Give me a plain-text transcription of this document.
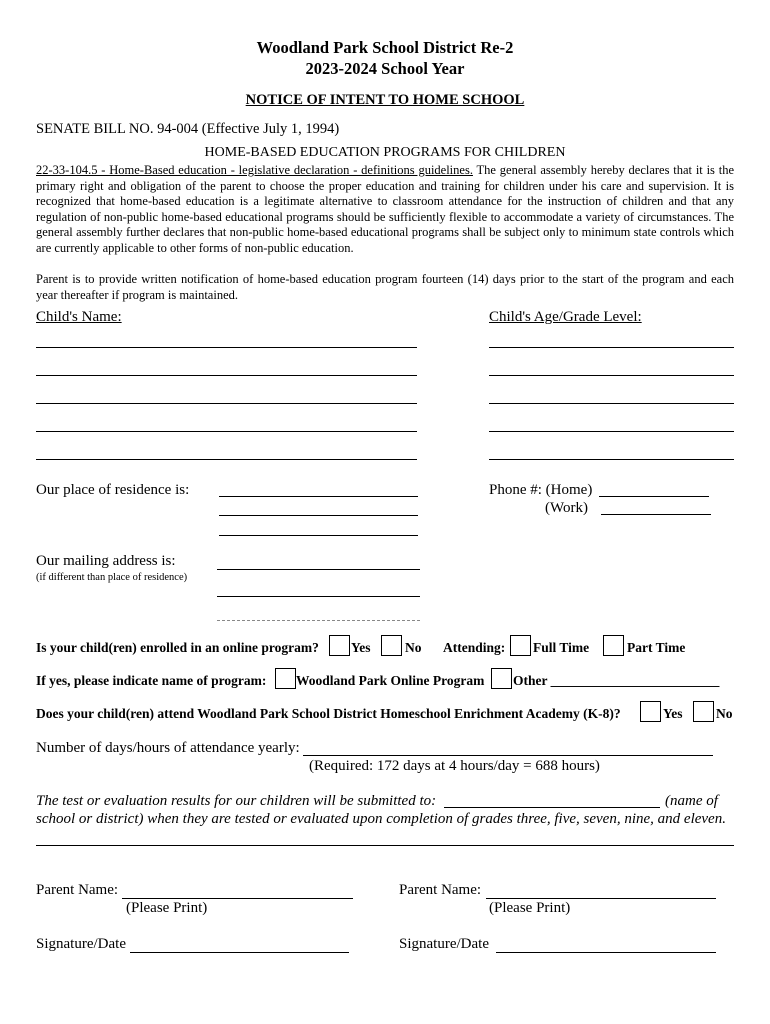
Woodland Park School District Re-2
2023-2024 School Year
NOTICE OF INTENT TO HOME SCHOOL
SENATE BILL NO. 94-004 (Effective July 1, 1994)
HOME-BASED EDUCATION PROGRAMS FOR CHILDREN
22-33-104.5 - Home-Based education - legislative declaration - definitions guidelines. The general assembly hereby declares that it is the primary right and obligation of the parent to choose the proper education and training for children under his care and supervision. It is recognized that home-based education is a legitimate alternative to classroom attendance for the instruction of children and that any regulation of non-public home-based educational programs should be sufficiently flexible to accommodate a variety of circumstances. The general assembly further declares that non-public home-based educational programs shall be subject only to minimum state controls which are currently applicable to other forms of non-public education.
Parent is to provide written notification of home-based education program fourteen (14) days prior to the start of the program and each year thereafter if program is maintained.
Child's Name:	Child's Age/Grade Level:
Our place of residence is:	Phone #: (Home)
(Work)
Our mailing address is:
(if different than place of residence)
Is your child(ren) enrolled in an online program? Yes	No Attending: Full Time	Part Time
If yes, please indicate name of program: Woodland Park Online Program Other _________________________
Does your child(ren) attend Woodland Park School District Homeschool Enrichment Academy (K-8)?	Yes No
Number of days/hours of attendance yearly:
(Required: 172 days at 4 hours/day = 688 hours)
The test or evaluation results for our children will be submitted to:	(name of
school or district) when they are tested or evaluated upon completion of grades three, five, seven, nine, and eleven.
Parent Name:
(Please Print)
Parent Name:
(Please Print)
Signature/Date	Signature/Date
